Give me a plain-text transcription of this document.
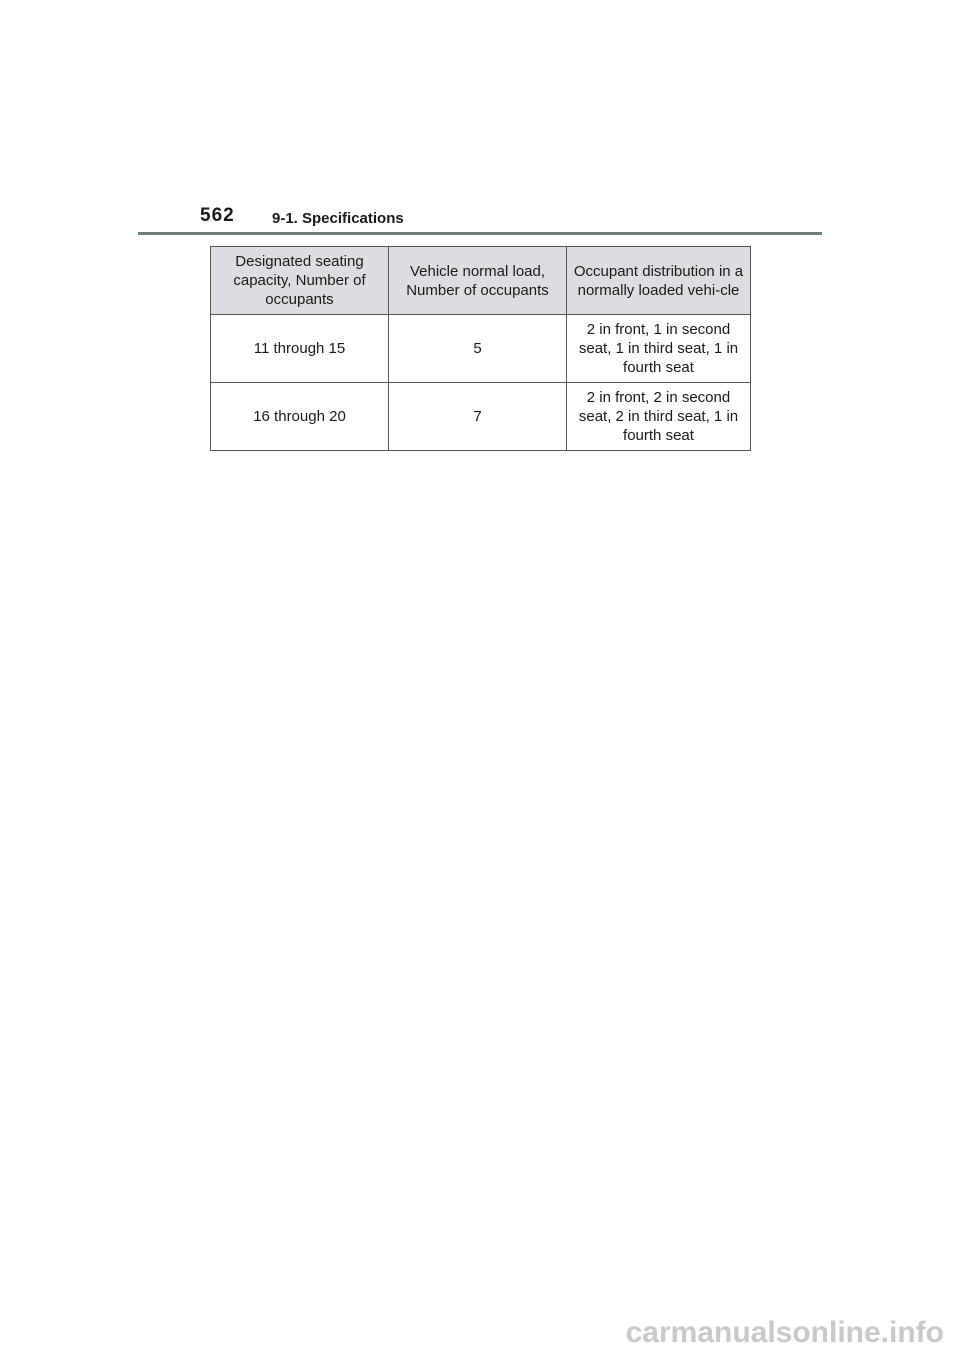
562 9-1. Specifications
Designated seating capacity, Number of occupants	Vehicle normal load, Number of occupants	Occupant distribution in a normally loaded vehi-cle
11 through 15	5	2 in front, 1 in second seat, 1 in third seat, 1 in fourth seat
16 through 20	7	2 in front, 2 in second seat, 2 in third seat, 1 in fourth seat
carmanualsonline.info
